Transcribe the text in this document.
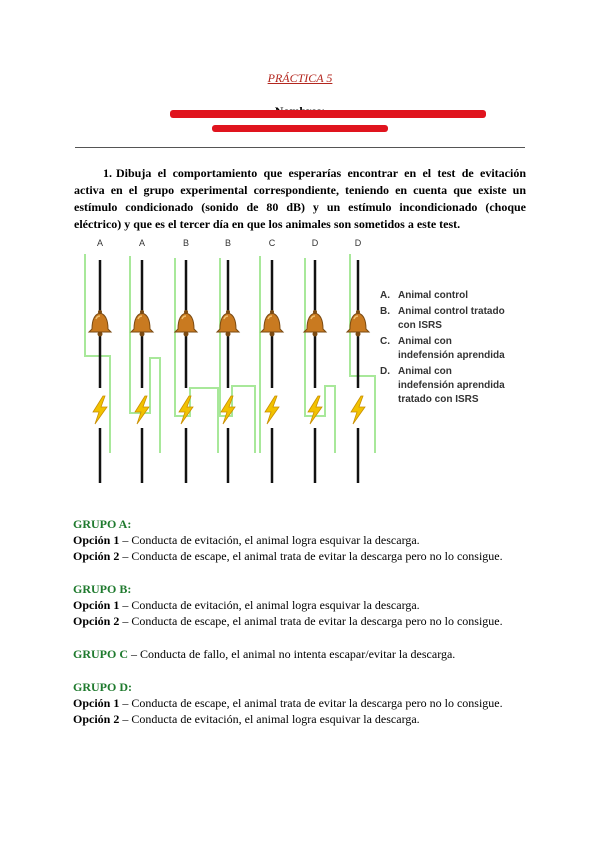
PRÁCTICA 5
1. Dibuja el comportamiento que esperarías encontrar en el test de evitación activa en el grupo experimental correspondiente, teniendo en cuenta que existe un estímulo condicionado (sonido de 80 dB) y un estímulo incondicionado (choque eléctrico) y que es el tercer día en que los animales son sometidos a este test.
A	A	B	B	C	D	D
A. Animal control
B. Animal control tratado con ISRS
C. Animal con indefensión aprendida
D. Animal con indefensión aprendida tratado con ISRS

GRUPO A:

Opción 1 – Conducta de evitación, el animal logra esquivar la descarga.

Opción 2 – Conducta de escape, el animal trata de evitar la descarga pero no lo consigue.

GRUPO B:

Opción 1 – Conducta de evitación, el animal logra esquivar la descarga.

Opción 2 – Conducta de escape, el animal trata de evitar la descarga pero no lo consigue.

GRUPO C – Conducta de fallo, el animal no intenta escapar/evitar la descarga.

GRUPO D:

Opción 1 – Conducta de escape, el animal trata de evitar la descarga pero no lo consigue.

Opción 2 – Conducta de evitación, el animal logra esquivar la descarga.
